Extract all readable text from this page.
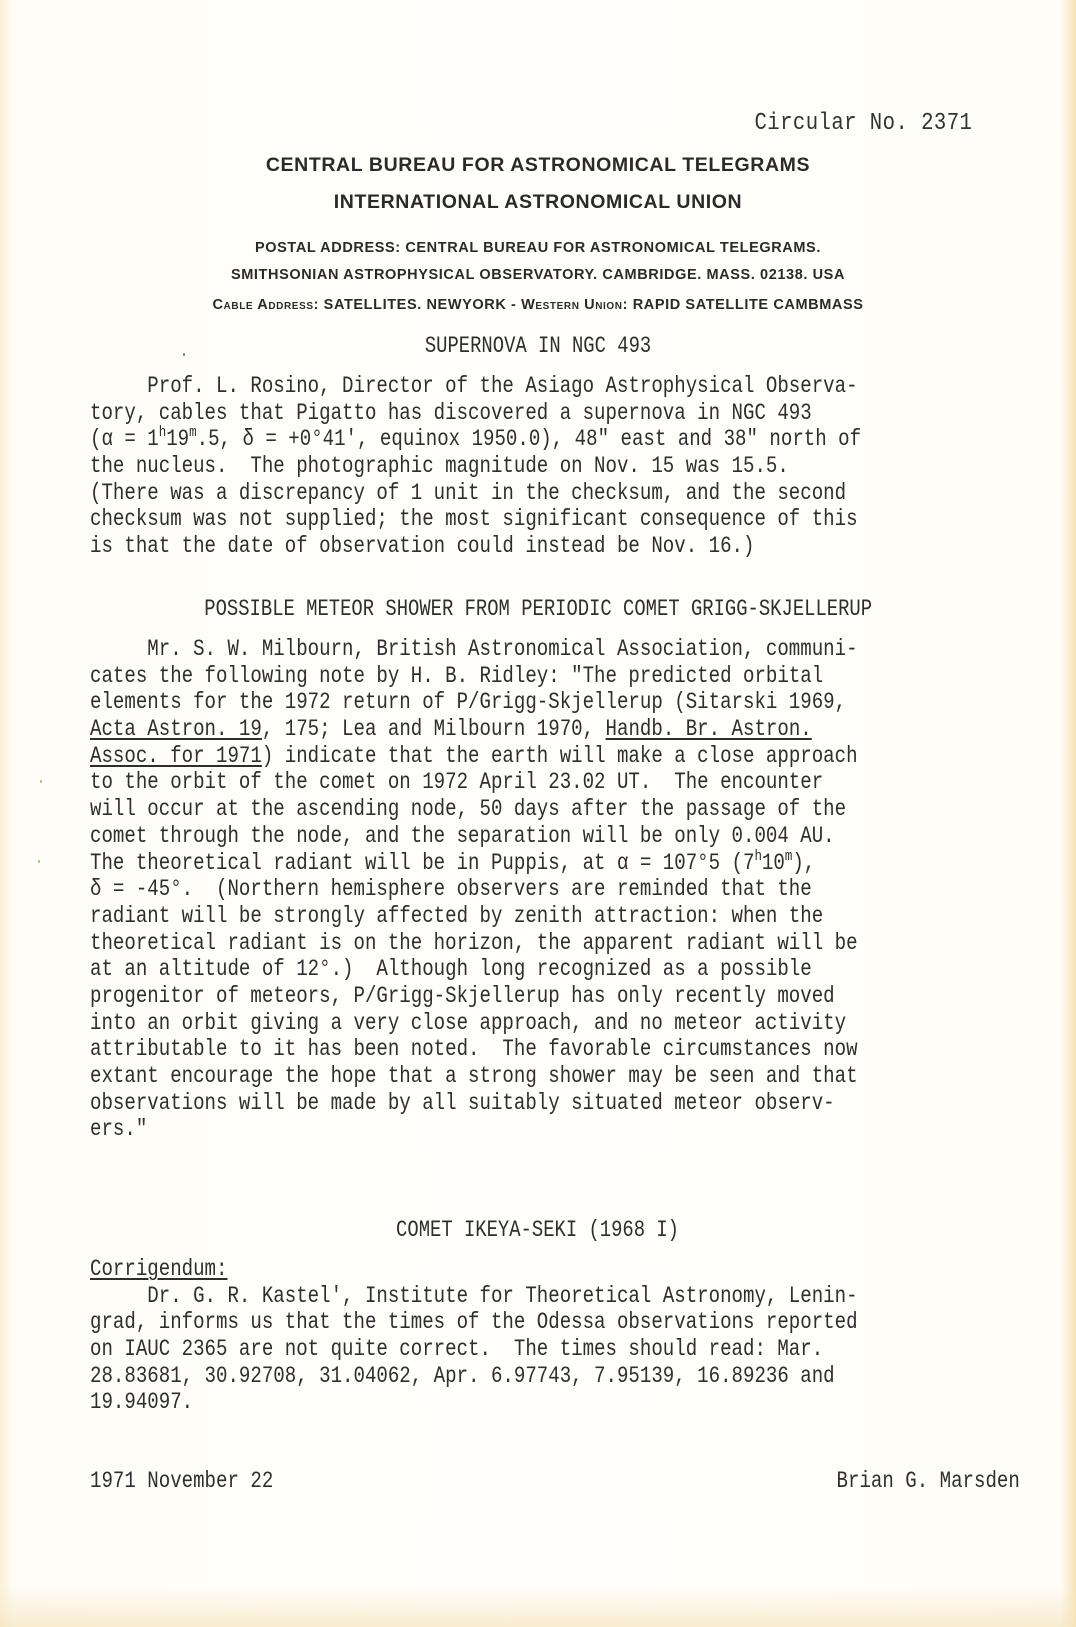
Circular No. 2371
CENTRAL BUREAU FOR ASTRONOMICAL TELEGRAMS
INTERNATIONAL ASTRONOMICAL UNION
POSTAL ADDRESS: CENTRAL BUREAU FOR ASTRONOMICAL TELEGRAMS.
SMITHSONIAN ASTROPHYSICAL OBSERVATORY. CAMBRIDGE. MASS. 02138. USA
Cable Address: SATELLITES. NEWYORK - Western Union: RAPID SATELLITE CAMBMASS
SUPERNOVA IN NGC 493
Prof. L. Rosino, Director of the Asiago Astrophysical Observa-
tory, cables that Pigatto has discovered a supernova in NGC 493
($\alpha = 1^h19^m.5$, δ = +0°41', equinox 1950.0), 48" east and 38" north of
the nucleus.  The photographic magnitude on Nov. 15 was 15.5.
(There was a discrepancy of 1 unit in the checksum, and the second
checksum was not supplied; the most significant consequence of this
is that the date of observation could instead be Nov. 16.)
POSSIBLE METEOR SHOWER FROM PERIODIC COMET GRIGG-SKJELLERUP
Mr. S. W. Milbourn, British Astronomical Association, communi-
cates the following note by H. B. Ridley: "The predicted orbital
elements for the 1972 return of P/Grigg-Skjellerup (Sitarski 1969,
Acta Astron. 19, 175; Lea and Milbourn 1970, Handb. Br. Astron.
Assoc. for 1971) indicate that the earth will make a close approach
to the orbit of the comet on 1972 April 23.02 UT.  The encounter
will occur at the ascending node, 50 days after the passage of the
comet through the node, and the separation will be only 0.004 AU.
The theoretical radiant will be in Puppis, at α = 107°5 (7$^h$10$^m$),
δ = -45°.  (Northern hemisphere observers are reminded that the
radiant will be strongly affected by zenith attraction: when the
theoretical radiant is on the horizon, the apparent radiant will be
at an altitude of 12°.)  Although long recognized as a possible
progenitor of meteors, P/Grigg-Skjellerup has only recently moved
into an orbit giving a very close approach, and no meteor activity
attributable to it has been noted.  The favorable circumstances now
extant encourage the hope that a strong shower may be seen and that
observations will be made by all suitably situated meteor observ-
ers."
COMET IKEYA-SEKI (1968 I)
Corrigendum:
Dr. G. R. Kastel', Institute for Theoretical Astronomy, Lenin-
grad, informs us that the times of the Odessa observations reported
on IAUC 2365 are not quite correct.  The times should read: Mar.
28.83681, 30.92708, 31.04062, Apr. 6.97743, 7.95139, 16.89236 and
19.94097.
1971 November 22	Brian G. Marsden
